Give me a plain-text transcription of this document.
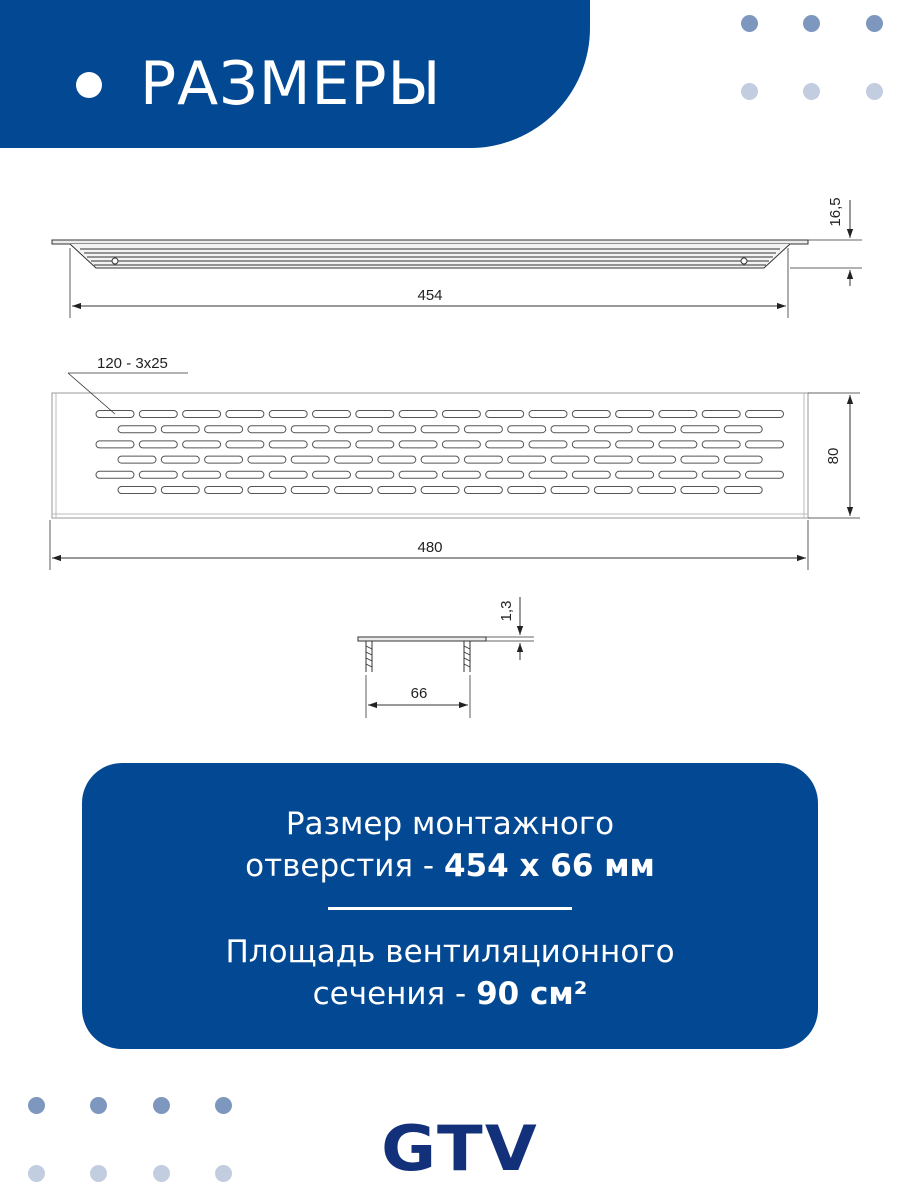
РАЗМЕРЫ
454
16,5
120 - 3x25
480
80
66
1,3
Размер монтажного
отверстия - 454 x 66 мм
Площадь вентиляционного
сечения - 90 см²
GTV
